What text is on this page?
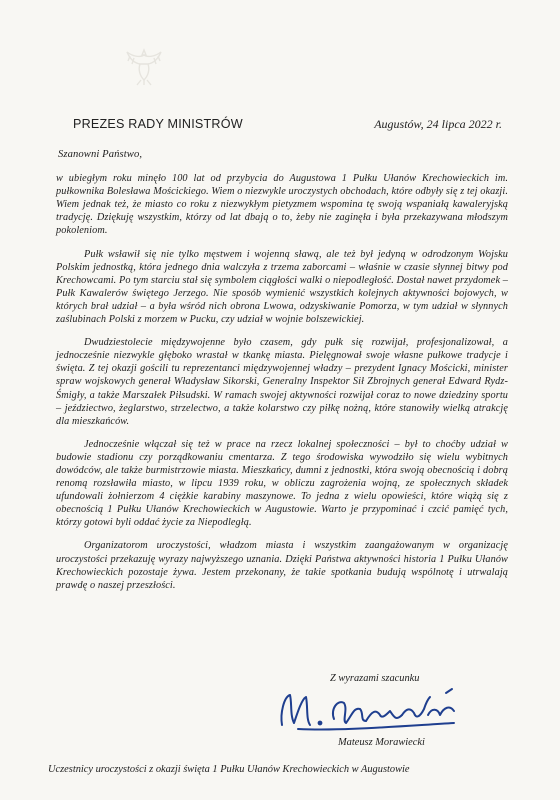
PREZES RADY MINISTRÓW	Augustów, 24 lipca 2022 r.
Szanowni Państwo,

w ubiegłym roku minęło 100 lat od przybycia do Augustowa 1 Pułku Ułanów Krechowieckich im. pułkownika Bolesława Mościckiego. Wiem o niezwykle uroczystych obchodach, które odbyły się z tej okazji. Wiem jednak też, że miasto co roku z niezwykłym pietyzmem wspomina tę swoją wspaniałą kawaleryjską tradycję. Dziękuję wszystkim, którzy od lat dbają o to, żeby nie zaginęła i była przekazywana młodszym pokoleniom.

Pułk wsławił się nie tylko męstwem i wojenną sławą, ale też był jedyną w odrodzonym Wojsku Polskim jednostką, która jednego dnia walczyła z trzema zaborcami – właśnie w czasie słynnej bitwy pod Krechowcami. Po tym starciu stał się symbolem ciągłości walki o niepodległość. Dostał nawet przydomek – Pułk Kawalerów świętego Jerzego. Nie sposób wymienić wszystkich kolejnych aktywności bojowych, w których brał udział – a była wśród nich obrona Lwowa, odzyskiwanie Pomorza, w tym udział w słynnych zaślubinach Polski z morzem w Pucku, czy udział w wojnie bolszewickiej.

Dwudziestolecie międzywojenne było czasem, gdy pułk się rozwijał, profesjonalizował, a jednocześnie niezwykle głęboko wrastał w tkankę miasta. Pielęgnował swoje własne pułkowe tradycje i święta. Z tej okazji gościli tu reprezentanci międzywojennej władzy – prezydent Ignacy Mościcki, minister spraw wojskowych generał Władysław Sikorski, Generalny Inspektor Sił Zbrojnych generał Edward Rydz-Śmigły, a także Marszałek Piłsudski. W ramach swojej aktywności rozwijał coraz to nowe dziedziny sportu – jeździectwo, żeglarstwo, strzelectwo, a także kolarstwo czy piłkę nożną, które stanowiły wielką atrakcję dla mieszkańców.

Jednocześnie włączał się też w prace na rzecz lokalnej społeczności – był to choćby udział w budowie stadionu czy porządkowaniu cmentarza. Z tego środowiska wywodziło się wielu wybitnych dowódców, ale także burmistrzowie miasta. Mieszkańcy, dumni z jednostki, która swoją obecnością i dobrą renomą rozsławiła miasto, w lipcu 1939 roku, w obliczu zagrożenia wojną, ze społecznych składek ufundowali żołnierzom 4 ciężkie karabiny maszynowe. To jedna z wielu opowieści, które wiążą się z obecnością 1 Pułku Ułanów Krechowieckich w Augustowie. Warto je przypominać i czcić pamięć tych, którzy gotowi byli oddać życie za Niepodległą.

Organizatorom uroczystości, władzom miasta i wszystkim zaangażowanym w organizację uroczystości przekazuję wyrazy najwyższego uznania. Dzięki Państwa aktywności historia 1 Pułku Ułanów Krechowieckich pozostaje żywa. Jestem przekonany, że takie spotkania budują wspólnotę i utrwalają prawdę o naszej przeszłości.

Z wyrazami szacunku
Mateusz Morawiecki
Uczestnicy uroczystości z okazji święta 1 Pułku Ułanów Krechowieckich w Augustowie
